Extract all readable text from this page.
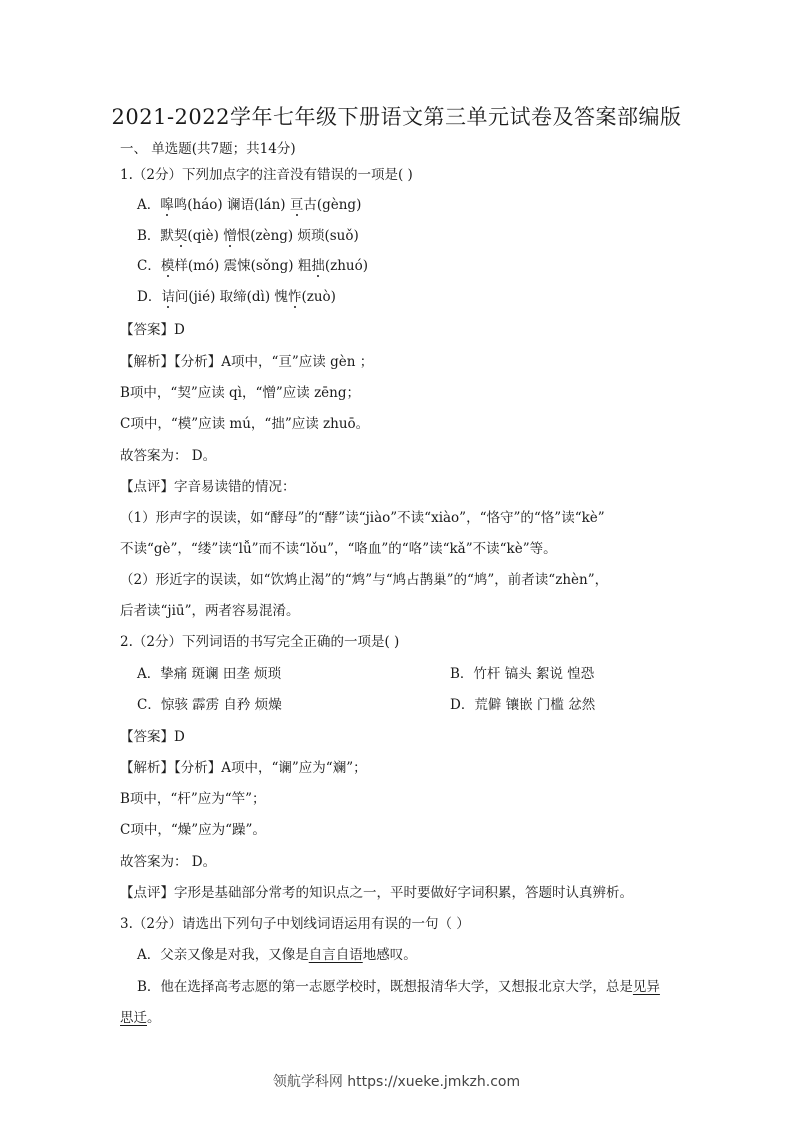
2021-2022学年七年级下册语文第三单元试卷及答案部编版
一、 单选题(共7题；共14分)
1.（2分）下列加点字的注音没有错误的一项是( )
A．嗥鸣(háo) 谰语(lán) 亘古(gèng)
B．默契(qiè) 憎恨(zèng) 烦琐(suǒ)
C．模样(mó) 震悚(sǒng) 粗拙(zhuó)
D．诘问(jié) 取缔(dì) 愧怍(zuò)
【答案】D
【解析】【分析】A项中，“亘”应读 gèn ；
B项中，“契”应读 qì，“憎”应读 zēng；
C项中，“模”应读 mú，“拙”应读 zhuō。
故答案为： D。
【点评】字音易读错的情况：
（1）形声字的误读，如“酵母”的“酵”读“jiào”不读“xiào”，“恪守”的“恪”读“kè”
不读“gè”，“缕”读“lǚ”而不读“lǒu”，“咯血”的“咯”读“kǎ”不读“kè”等。
（2）形近字的误读，如“饮鸩止渴”的“鸩”与“鸠占鹊巢”的“鸠”，前者读“zhèn”，
后者读“jiū”，两者容易混淆。
2.（2分）下列词语的书写完全正确的一项是( )
A．挚痛 斑谰 田垄 烦琐	B．竹杆 镐头 絮说 惶恐
C．惊骇 霹雳 自矜 烦燥	D．荒僻 镶嵌 门槛 忿然
【答案】D
【解析】【分析】A项中，“谰”应为“斓”；
B项中，“杆”应为“竿”；
C项中，“燥”应为“躁”。
故答案为： D。
【点评】字形是基础部分常考的知识点之一，平时要做好字词积累，答题时认真辨析。
3.（2分）请选出下列句子中划线词语运用有误的一句（ ）
A．父亲又像是对我，又像是自言自语地感叹。
B．他在选择高考志愿的第一志愿学校时，既想报清华大学，又想报北京大学，总是见异
思迁。
领航学科网 https://xueke.jmkzh.com
